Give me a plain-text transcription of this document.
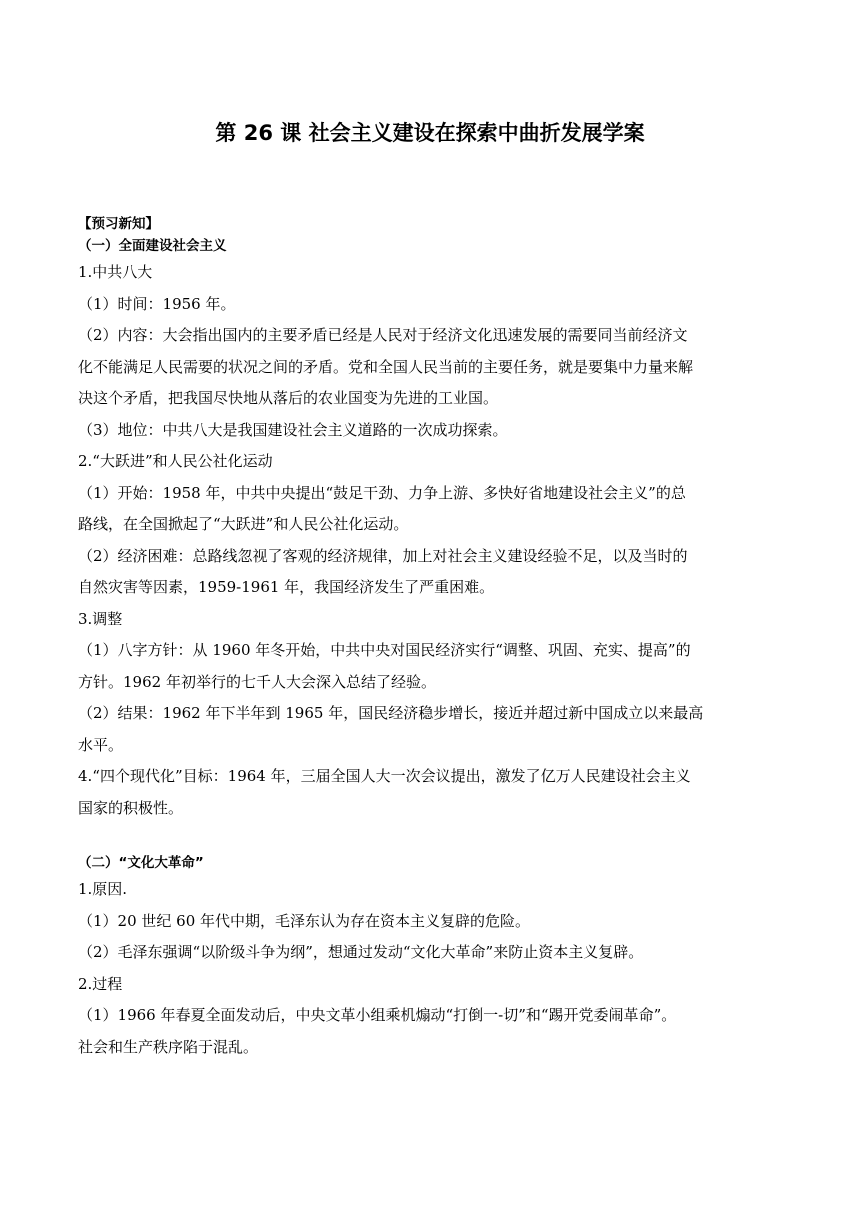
第 26 课 社会主义建设在探索中曲折发展学案
【预习新知】
（一）全面建设社会主义
1.中共八大
（1）时间：1956 年。
（2）内容：大会指出国内的主要矛盾已经是人民对于经济文化迅速发展的需要同当前经济文
化不能满足人民需要的状况之间的矛盾。党和全国人民当前的主要任务，就是要集中力量来解
决这个矛盾，把我国尽快地从落后的农业国变为先进的工业国。
（3）地位：中共八大是我国建设社会主义道路的一次成功探索。
2.“大跃进”和人民公社化运动
（1）开始：1958 年，中共中央提出“鼓足干劲、力争上游、多快好省地建设社会主义”的总
路线，在全国掀起了“大跃进”和人民公社化运动。
（2）经济困难：总路线忽视了客观的经济规律，加上对社会主义建设经验不足，以及当时的
自然灾害等因素，1959-1961 年，我国经济发生了严重困难。
3.调整
（1）八字方针：从 1960 年冬开始，中共中央对国民经济实行“调整、巩固、充实、提高”的
方针。1962 年初举行的七千人大会深入总结了经验。
（2）结果：1962 年下半年到 1965 年，国民经济稳步增长，接近并超过新中国成立以来最高
水平。
4.“四个现代化”目标：1964 年，三届全国人大一次会议提出，激发了亿万人民建设社会主义
国家的积极性。
（二）“文化大革命”
1.原因.
（1）20 世纪 60 年代中期，毛泽东认为存在资本主义复辟的危险。
（2）毛泽东强调“以阶级斗争为纲”，想通过发动“文化大革命”来防止资本主义复辟。
2.过程
（1）1966 年春夏全面发动后，中央文革小组乘机煽动“打倒一-切”和“踢开党委闹革命”。
社会和生产秩序陷于混乱。
